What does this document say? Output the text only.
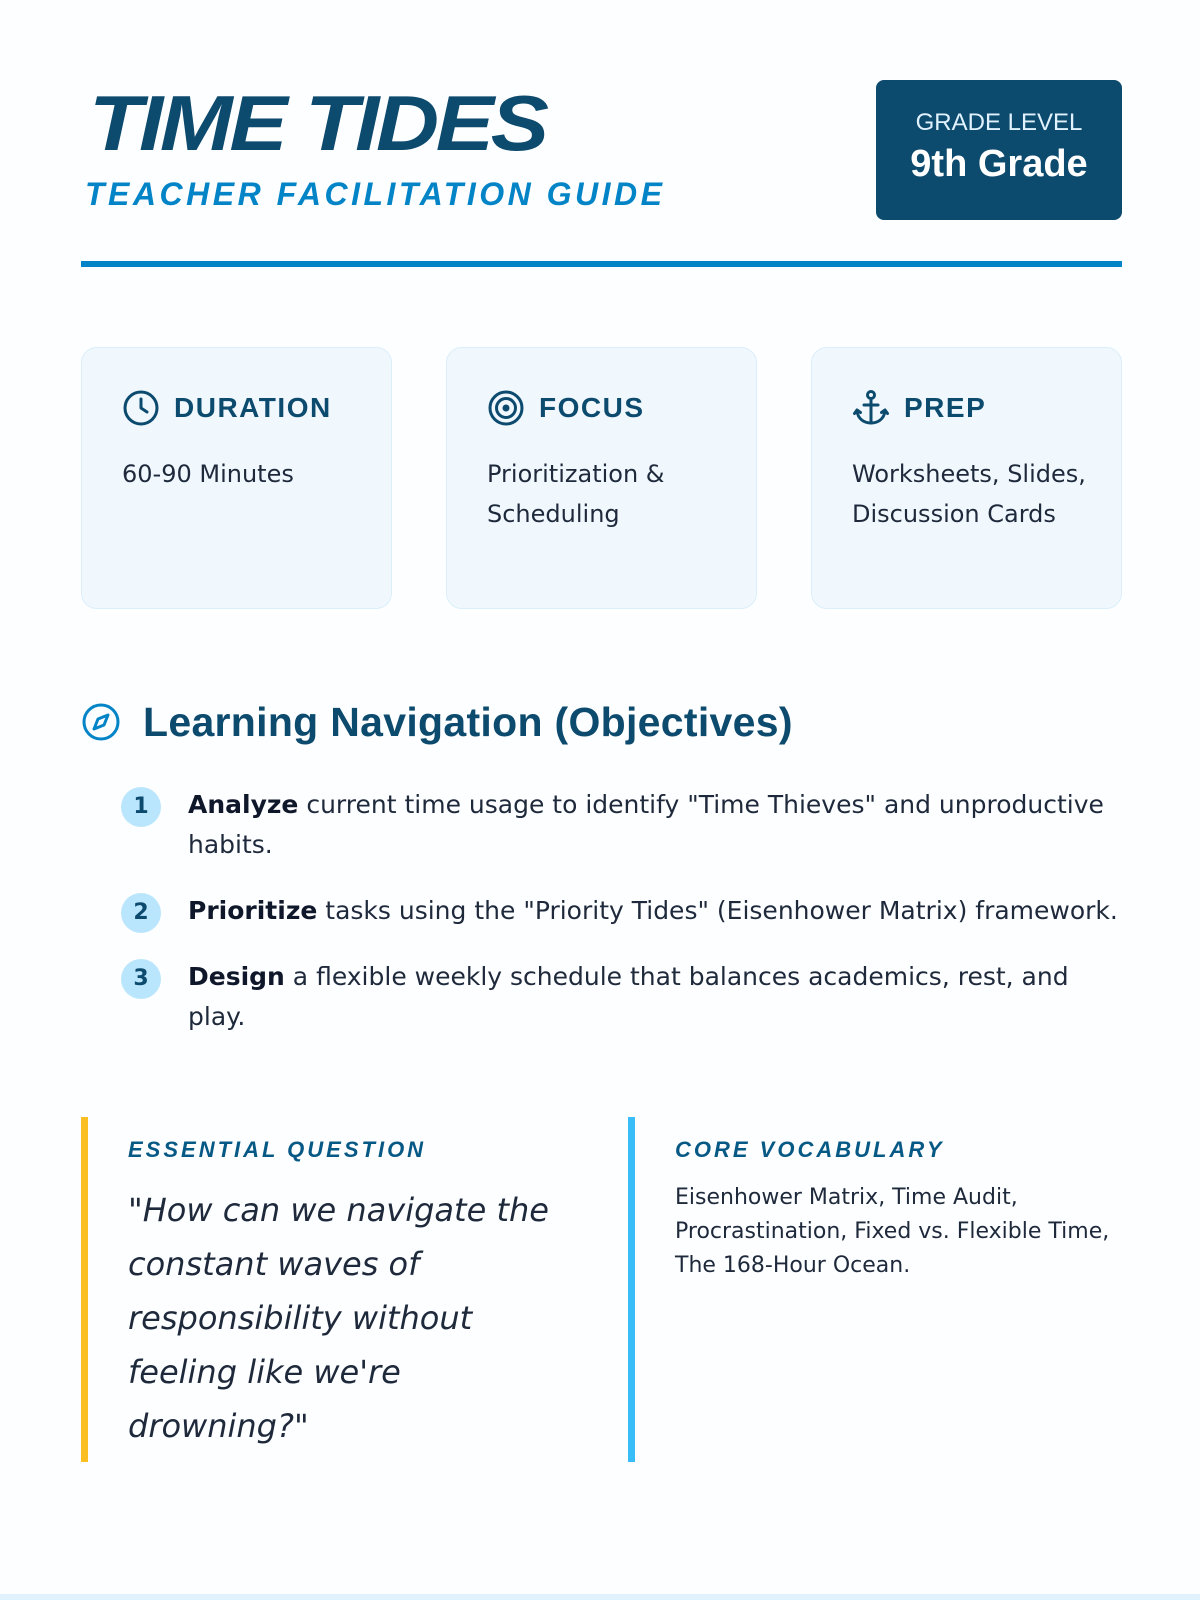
TIME TIDES
TEACHER FACILITATION GUIDE
GRADE LEVEL
9th Grade
DURATION
60-90 Minutes
FOCUS
Prioritization & Scheduling
PREP
Worksheets, Slides, Discussion Cards
Learning Navigation (Objectives)
1	Analyze current time usage to identify "Time Thieves" and unproductive habits.
2	Prioritize tasks using the "Priority Tides" (Eisenhower Matrix) framework.
3	Design a flexible weekly schedule that balances academics, rest, and play.
ESSENTIAL QUESTION
"How can we navigate the constant waves of responsibility without feeling like we're drowning?"
CORE VOCABULARY
Eisenhower Matrix, Time Audit, Procrastination, Fixed vs. Flexible Time, The 168-Hour Ocean.
